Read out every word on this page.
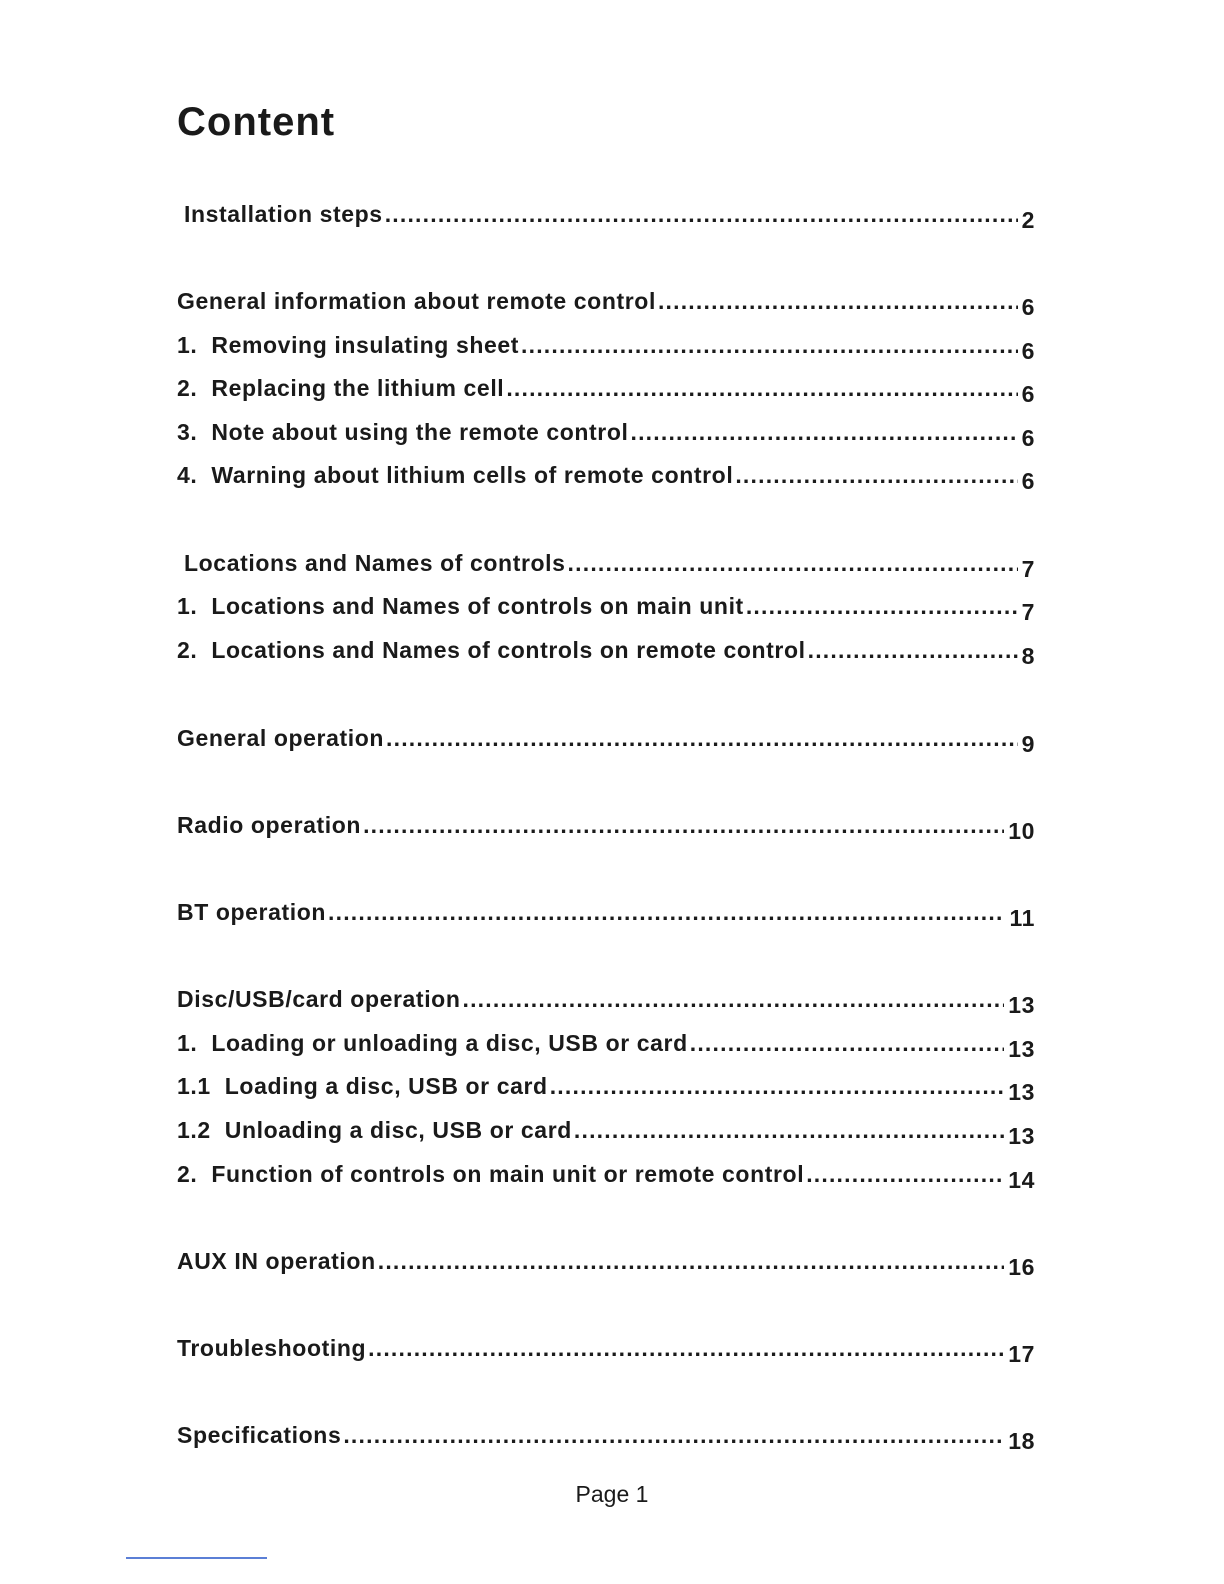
Content
Installation steps .....	2
General information about remote control .....	6
1. Removing insulating sheet .....	6
2. Replacing the lithium cell .....	6
3. Note about using the remote control .....	6
4. Warning about lithium cells of remote control .....	6
Locations and Names of controls .....	7
1. Locations and Names of controls on main unit .....	7
2. Locations and Names of controls on remote control .....	8
General operation .....	9
Radio operation .....	10
BT operation .....	11
Disc/USB/card operation .....	13
1. Loading or unloading a disc, USB or card .....	13
1.1 Loading a disc, USB or card .....	13
1.2 Unloading a disc, USB or card .....	13
2. Function of controls on main unit or remote control .....	14
AUX IN operation .....	16
Troubleshooting .....	17
Specifications .....	18
Page 1
